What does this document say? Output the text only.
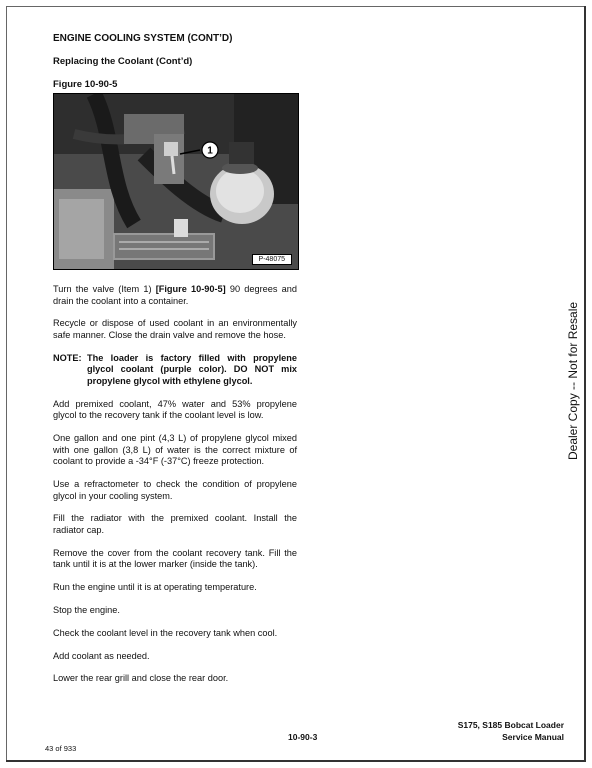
ENGINE COOLING SYSTEM (CONT’D)
Replacing the Coolant (Cont’d)
Figure 10-90-5
1
P-48075

Turn the valve (Item 1) [Figure 10-90-5] 90 degrees and drain the coolant into a container.

Recycle or dispose of used coolant in an environmentally safe manner. Close the drain valve and remove the hose.

NOTE: The loader is factory filled with propylene glycol coolant (purple color). DO NOT mix propylene glycol with ethylene glycol.

Add premixed coolant, 47% water and 53% propylene glycol to the recovery tank if the coolant level is low.

One gallon and one pint (4,3 L) of propylene glycol mixed with one gallon (3,8 L) of water is the correct mixture of coolant to provide a -34°F (-37°C) freeze protection.

Use a refractometer to check the condition of propylene glycol in your cooling system.

Fill the radiator with the premixed coolant. Install the radiator cap.

Remove the cover from the coolant recovery tank. Fill the tank until it is at the lower marker (inside the tank).

Run the engine until it is at operating temperature.

Stop the engine.

Check the coolant level in the recovery tank when cool.

Add coolant as needed.

Lower the rear grill and close the rear door.

Dealer Copy -- Not for Resale
S175, S185 Bobcat Loader
10-90-3	Service Manual
43 of 933
